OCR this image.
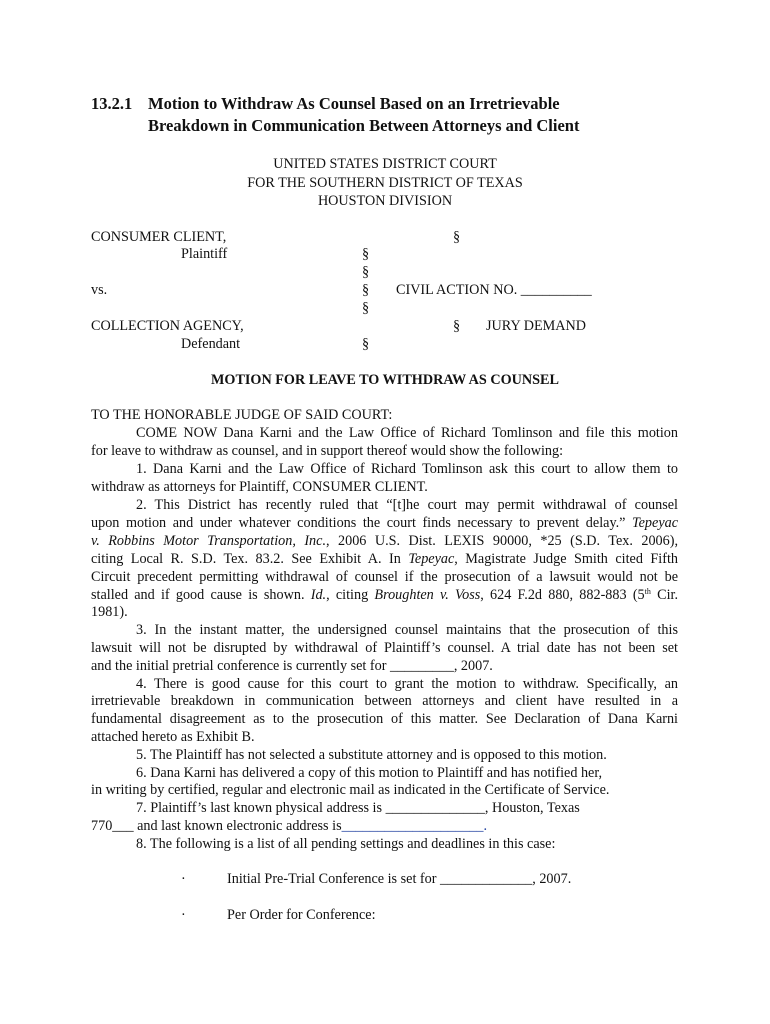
13.2.1 Motion to Withdraw As Counsel Based on an Irretrievable
Breakdown in Communication Between Attorneys and Client
UNITED STATES DISTRICT COURT
FOR THE SOUTHERN DISTRICT OF TEXAS
HOUSTON DIVISION
CONSUMER CLIENT,	§
Plaintiff	§
§
vs.	§ CIVIL ACTION NO. __________
§
COLLECTION AGENCY,	§ JURY DEMAND
Defendant	§
MOTION FOR LEAVE TO WITHDRAW AS COUNSEL
TO THE HONORABLE JUDGE OF SAID COURT:
COME NOW Dana Karni and the Law Office of Richard Tomlinson and file this motion
for leave to withdraw as counsel, and in support thereof would show the following:
1. Dana Karni and the Law Office of Richard Tomlinson ask this court to allow them to
withdraw as attorneys for Plaintiff, CONSUMER CLIENT.
2. This District has recently ruled that “[t]he court may permit withdrawal of counsel
upon motion and under whatever conditions the court finds necessary to prevent delay.” Tepeyac
v. Robbins Motor Transportation, Inc., 2006 U.S. Dist. LEXIS 90000, *25 (S.D. Tex. 2006),
citing Local R. S.D. Tex. 83.2. See Exhibit A. In Tepeyac, Magistrate Judge Smith cited Fifth
Circuit precedent permitting withdrawal of counsel if the prosecution of a lawsuit would not be
stalled and if good cause is shown. Id., citing Broughten v. Voss, 624 F.2d 880, 882-883 (5th Cir.
1981).
3. In the instant matter, the undersigned counsel maintains that the prosecution of this
lawsuit will not be disrupted by withdrawal of Plaintiff’s counsel. A trial date has not been set
and the initial pretrial conference is currently set for _________, 2007.
4. There is good cause for this court to grant the motion to withdraw. Specifically, an
irretrievable breakdown in communication between attorneys and client have resulted in a
fundamental disagreement as to the prosecution of this matter. See Declaration of Dana Karni
attached hereto as Exhibit B.
5. The Plaintiff has not selected a substitute attorney and is opposed to this motion.
6. Dana Karni has delivered a copy of this motion to Plaintiff and has notified her,
in writing by certified, regular and electronic mail as indicated in the Certificate of Service.
7. Plaintiff’s last known physical address is ______________, Houston, Texas
770___ and last known electronic address is____________________.
8. The following is a list of all pending settings and deadlines in this case:
·	Initial Pre-Trial Conference is set for _____________, 2007.
·	Per Order for Conference:
